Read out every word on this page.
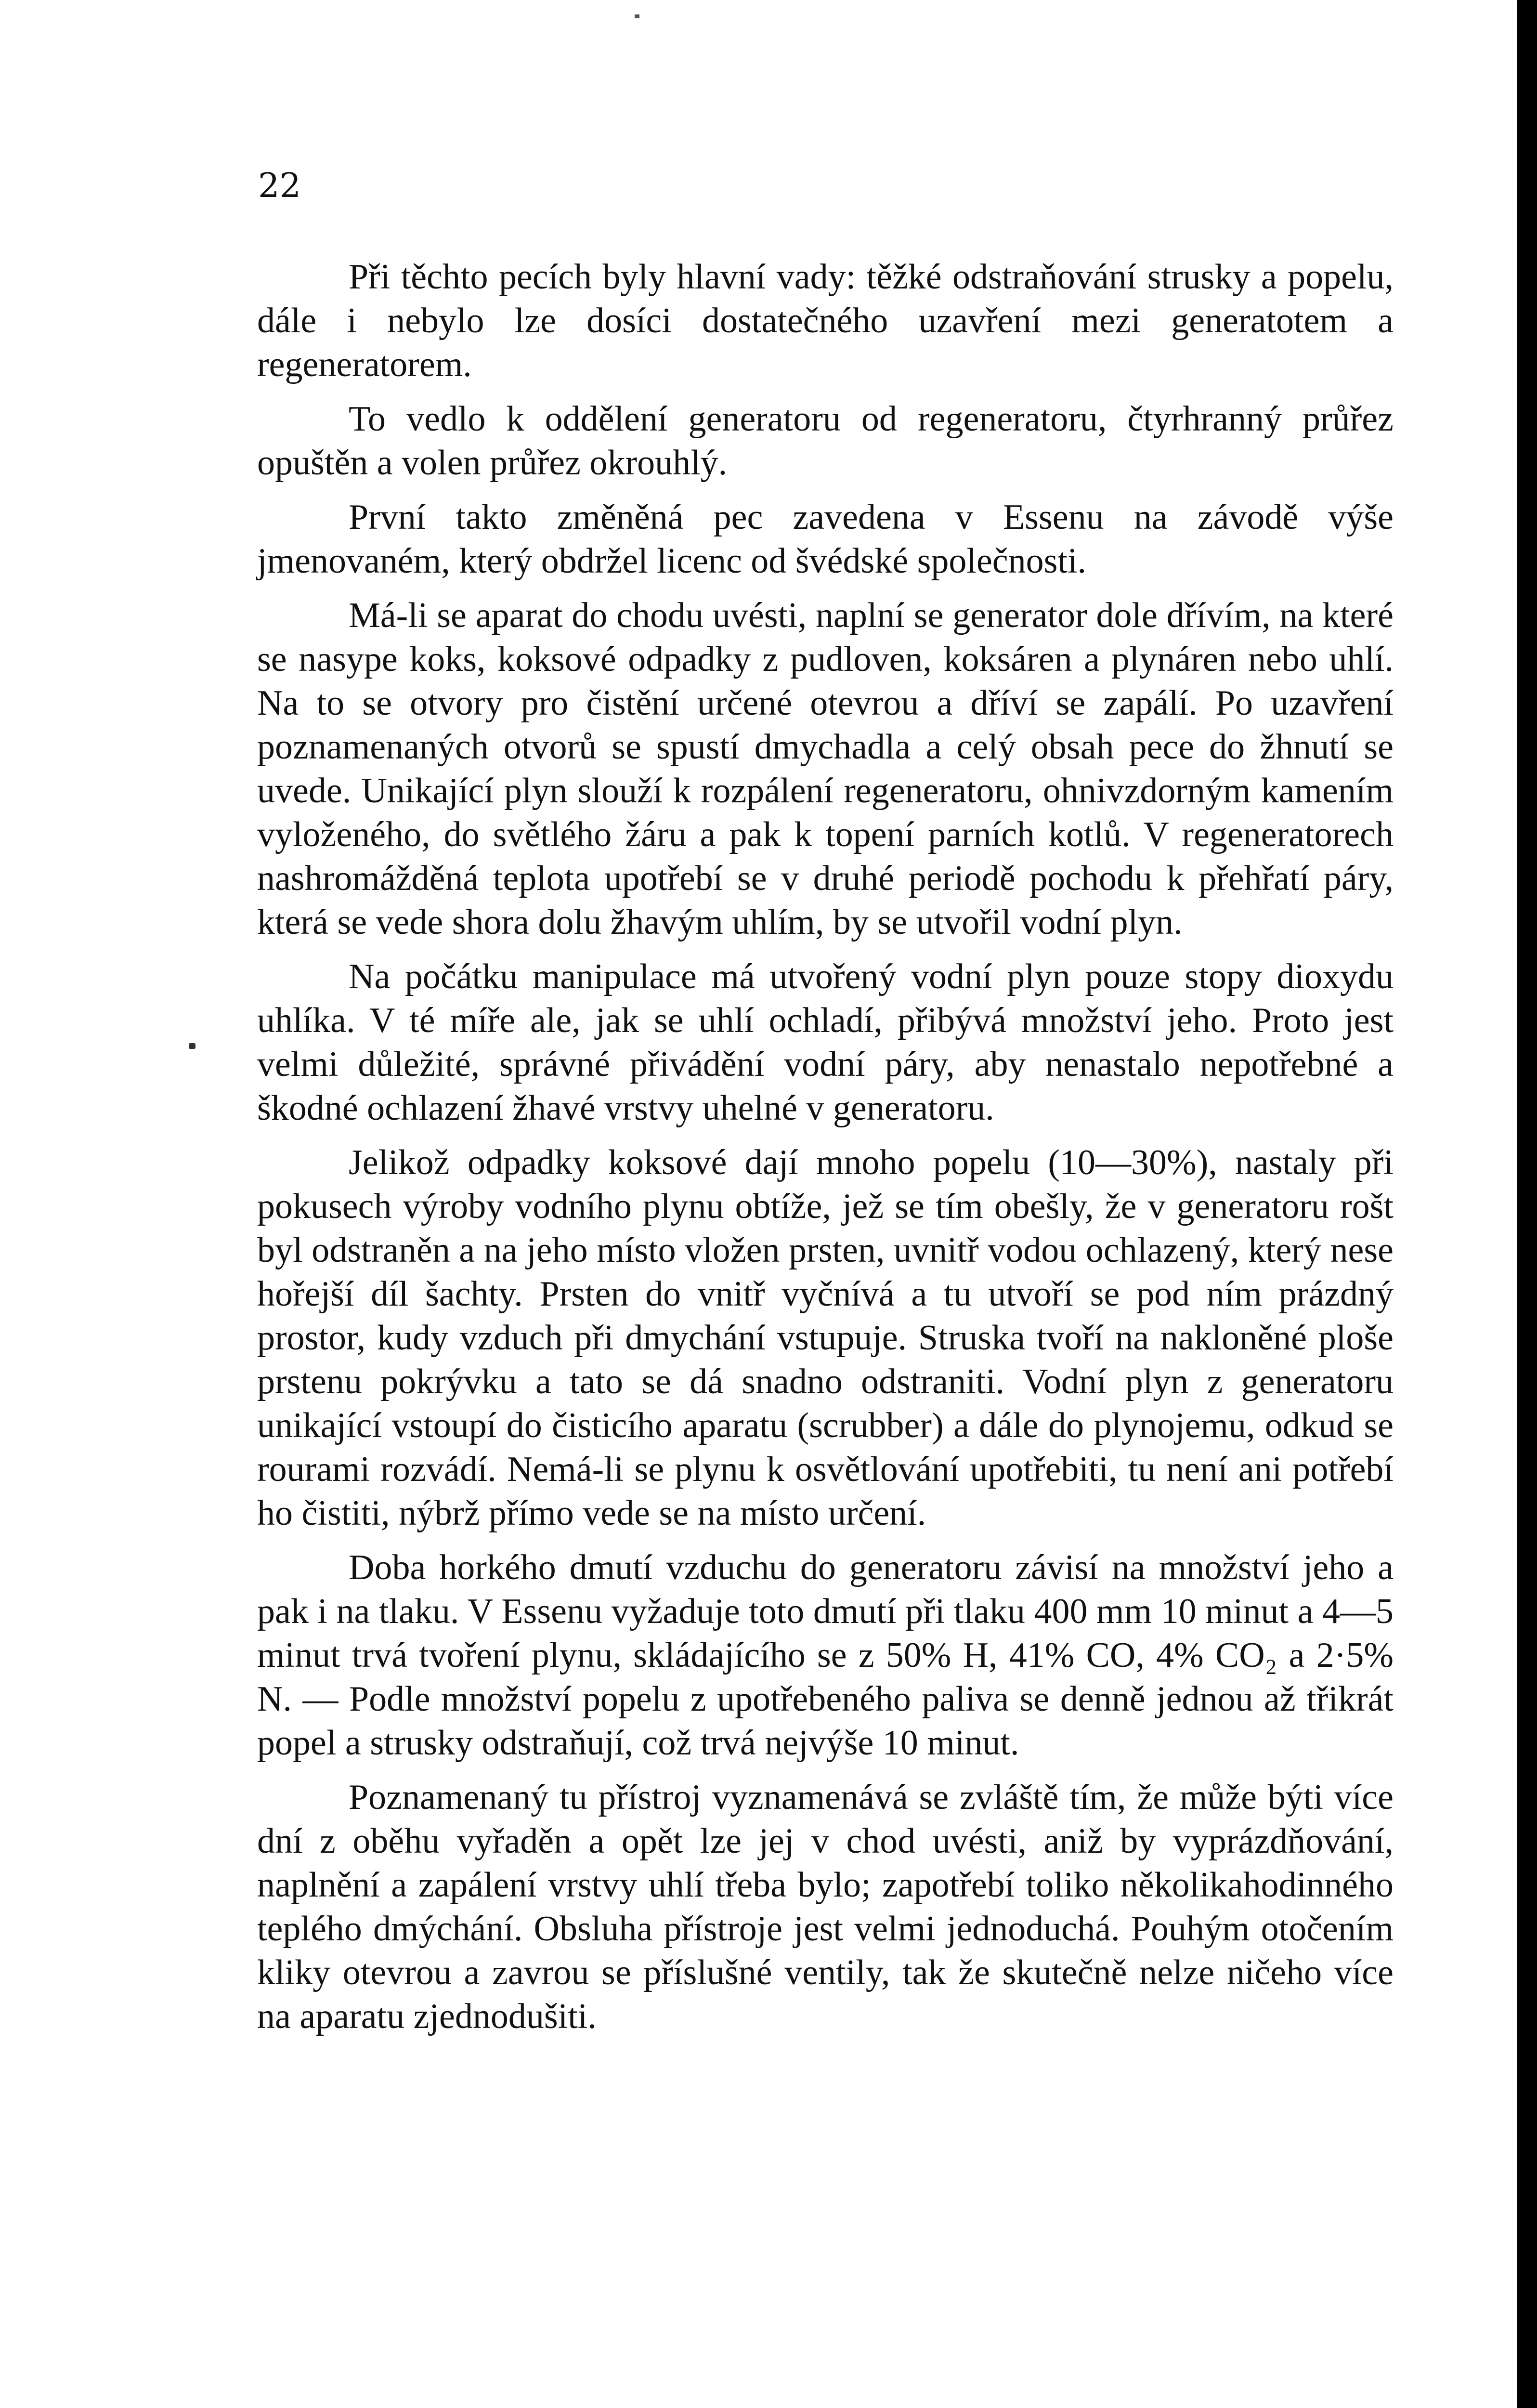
22

Při těchto pecích byly hlavní vady: těžké odstraňování strusky a popelu, dále i nebylo lze dosíci dostatečného uzavření mezi generatotem a regeneratorem.

To vedlo k oddělení generatoru od regeneratoru, čtyrhranný průřez opuštěn a volen průřez okrouhlý.

První takto změněná pec zavedena v Essenu na závodě výše jmenovaném, který obdržel licenc od švédské společnosti.

Má-li se aparat do chodu uvésti, naplní se generator dole dřívím, na které se nasype koks, koksové odpadky z pudloven, koksáren a plynáren nebo uhlí. Na to se otvory pro čistění určené otevrou a dříví se zapálí. Po uzavření poznamenaných otvorů se spustí dmychadla a celý obsah pece do žhnutí se uvede. Unikající plyn slouží k rozpálení regeneratoru, ohnivzdorným kamením vyloženého, do světlého žáru a pak k topení parních kotlů. V regeneratorech nashromážděná teplota upotřebí se v druhé periodě pochodu k přehřatí páry, která se vede shora dolu žhavým uhlím, by se utvořil vodní plyn.

Na počátku manipulace má utvořený vodní plyn pouze stopy dioxydu uhlíka. V té míře ale, jak se uhlí ochladí, přibývá množství jeho. Proto jest velmi důležité, správné přivádění vodní páry, aby nenastalo nepotřebné a škodné ochlazení žhavé vrstvy uhelné v generatoru.

Jelikož odpadky koksové dají mnoho popelu (10—30%), nastaly při pokusech výroby vodního plynu obtíže, jež se tím obešly, že v generatoru rošt byl odstraněn a na jeho místo vložen prsten, uvnitř vodou ochlazený, který nese hořejší díl šachty. Prsten do vnitř vyčnívá a tu utvoří se pod ním prázdný prostor, kudy vzduch při dmychání vstupuje. Struska tvoří na nakloněné ploše prstenu pokrývku a tato se dá snadno odstraniti. Vodní plyn z generatoru unikající vstoupí do čisticího aparatu (scrubber) a dále do plynojemu, odkud se rourami rozvádí. Nemá-li se plynu k osvětlování upotřebiti, tu není ani potřebí ho čistiti, nýbrž přímo vede se na místo určení.

Doba horkého dmutí vzduchu do generatoru závisí na množství jeho a pak i na tlaku. V Essenu vyžaduje toto dmutí při tlaku 400 mm 10 minut a 4—5 minut trvá tvoření plynu, skládajícího se z 50% H, 41% CO, 4% CO₂ a 2·5% N. — Podle množství popelu z upotřebeného paliva se denně jednou až třikrát popel a strusky odstraňují, což trvá nejvýše 10 minut.

Poznamenaný tu přístroj vyznamenává se zvláště tím, že může býti více dní z oběhu vyřaděn a opět lze jej v chod uvésti, aniž by vyprázdňování, naplnění a zapálení vrstvy uhlí třeba bylo; zapotřebí toliko několikahodinného teplého dmýchání. Obsluha přístroje jest velmi jednoduchá. Pouhým otočením kliky otevrou a zavrou se příslušné ventily, tak že skutečně nelze ničeho více na aparatu zjednodušiti.
